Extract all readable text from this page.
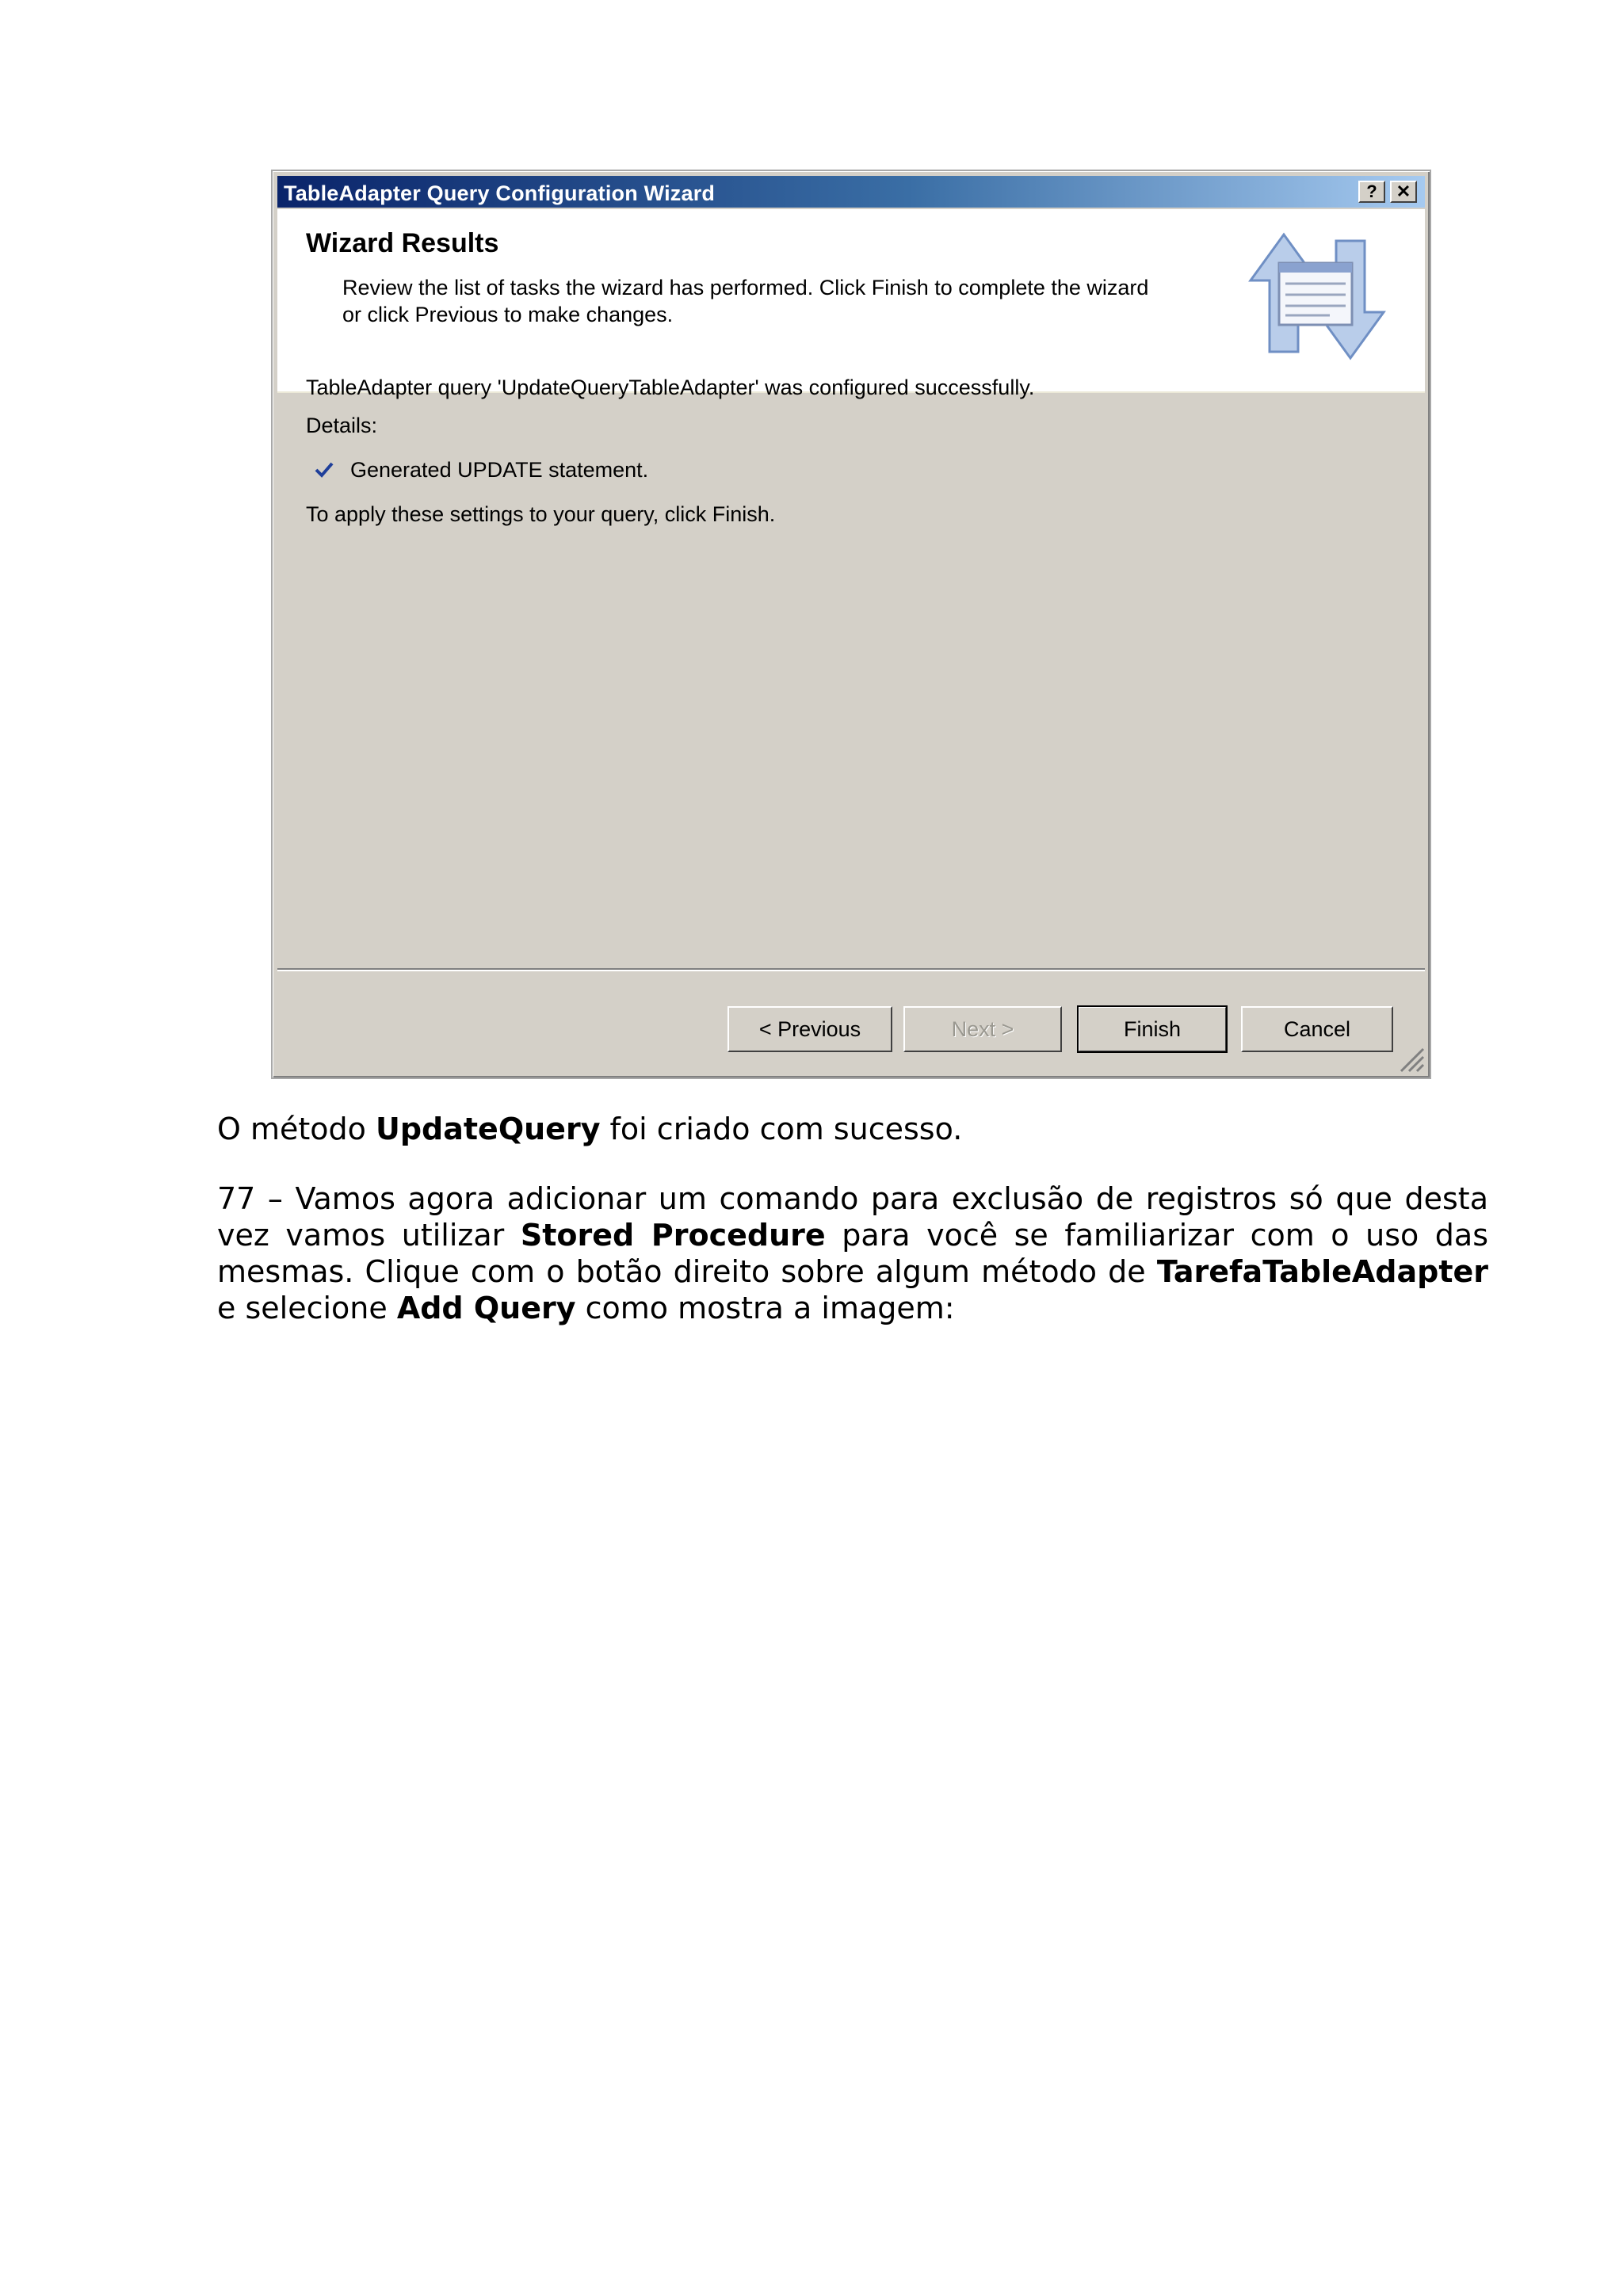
TableAdapter Query Configuration Wizard	?	✕
Wizard Results
Review the list of tasks the wizard has performed. Click Finish to complete the wizard
or click Previous to make changes.
TableAdapter query 'UpdateQueryTableAdapter' was configured successfully.
Details:
Generated UPDATE statement.
To apply these settings to your query, click Finish.
< Previous	Next >	Finish	Cancel

O método UpdateQuery foi criado com sucesso.

77 – Vamos agora adicionar um comando para exclusão de registros só que desta vez vamos utilizar Stored Procedure para você se familiarizar com o uso das mesmas. Clique com o botão direito sobre algum método de TarefaTableAdapter e selecione Add Query como mostra a imagem:
